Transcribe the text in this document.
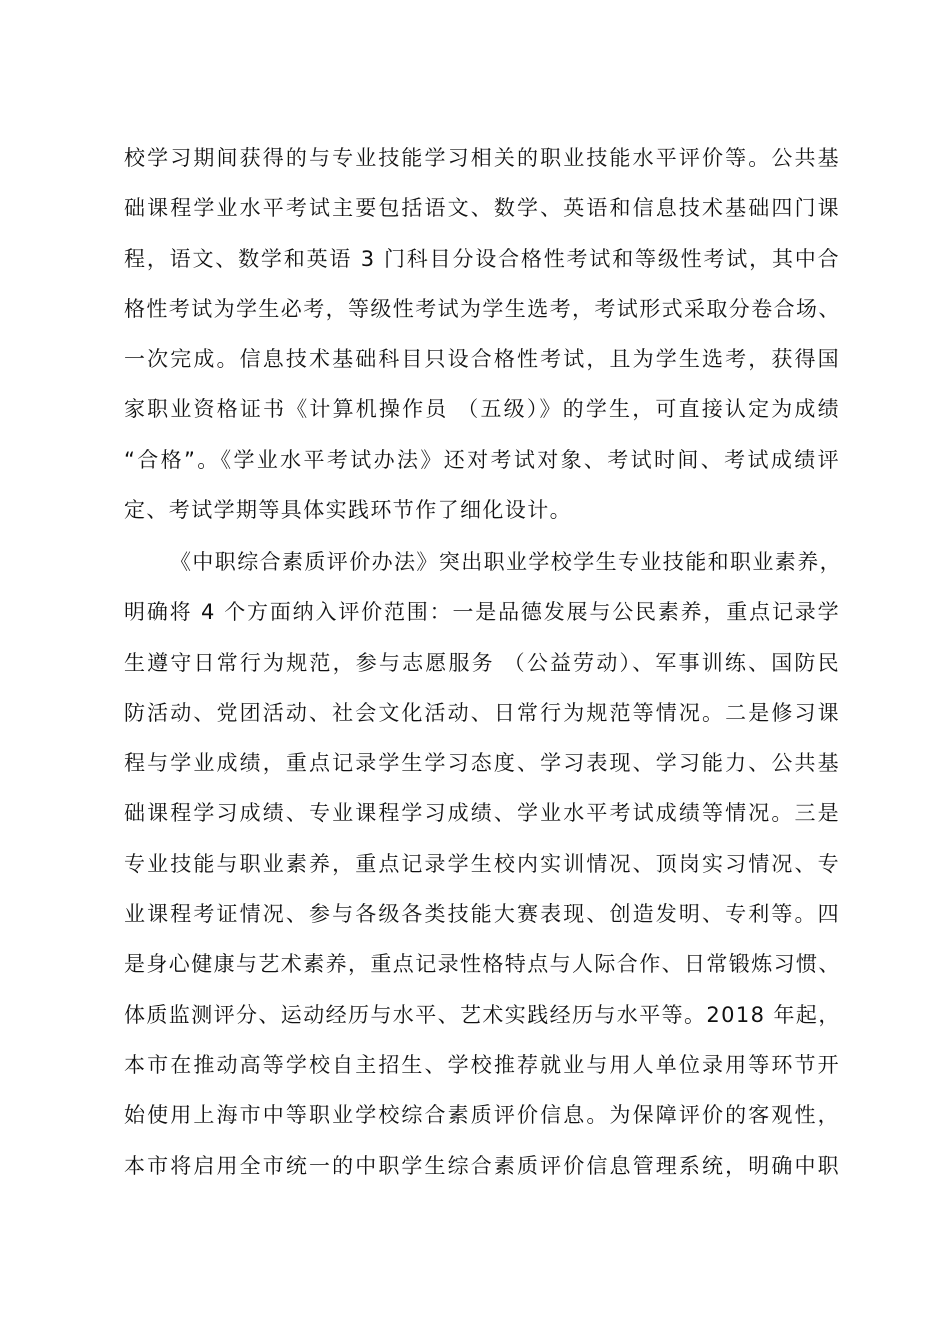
校学习期间获得的与专业技能学习相关的职业技能水平评价等。公共基
础课程学业水平考试主要包括语文、数学、英语和信息技术基础四门课
程，语文、数学和英语 3 门科目分设合格性考试和等级性考试，其中合
格性考试为学生必考，等级性考试为学生选考，考试形式采取分卷合场、
一次完成。信息技术基础科目只设合格性考试，且为学生选考，获得国
家职业资格证书《计算机操作员 （五级）》的学生，可直接认定为成绩
“合格”。《学业水平考试办法》还对考试对象、考试时间、考试成绩评
定、考试学期等具体实践环节作了细化设计。
《中职综合素质评价办法》突出职业学校学生专业技能和职业素养，
明确将 4 个方面纳入评价范围：一是品德发展与公民素养，重点记录学
生遵守日常行为规范，参与志愿服务 （公益劳动）、军事训练、国防民
防活动、党团活动、社会文化活动、日常行为规范等情况。二是修习课
程与学业成绩，重点记录学生学习态度、学习表现、学习能力、公共基
础课程学习成绩、专业课程学习成绩、学业水平考试成绩等情况。三是
专业技能与职业素养，重点记录学生校内实训情况、顶岗实习情况、专
业课程考证情况、参与各级各类技能大赛表现、创造发明、专利等。四
是身心健康与艺术素养，重点记录性格特点与人际合作、日常锻炼习惯、
体质监测评分、运动经历与水平、艺术实践经历与水平等。2018 年起，
本市在推动高等学校自主招生、学校推荐就业与用人单位录用等环节开
始使用上海市中等职业学校综合素质评价信息。为保障评价的客观性，
本市将启用全市统一的中职学生综合素质评价信息管理系统，明确中职
